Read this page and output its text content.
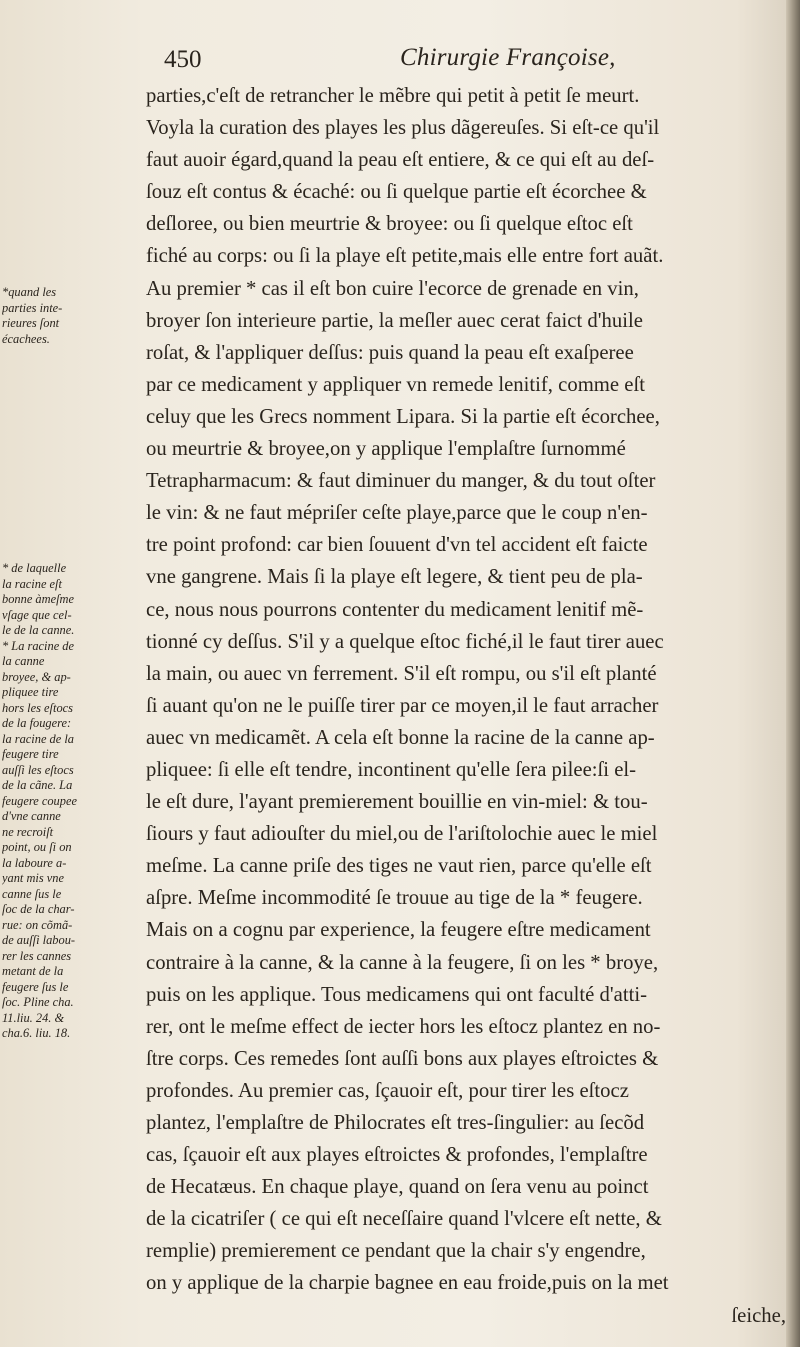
450	Chirurgie Françoise,
*quand les
parties inte-
rieures ſont
écachees.
* de laquelle
la racine eſt
bonne àmeſme
vſage que cel-
le de la canne.
* La racine de
la canne
broyee, & ap-
pliquee tire
hors les eſtocs
de la fougere:
la racine de la
feugere tire
auſſi les eſtocs
de la cãne. La
feugere coupee
d'vne canne
ne recroiſt
point, ou ſi on
la laboure a-
yant mis vne
canne ſus le
ſoc de la char-
rue: on cõmã-
de auſſi labou-
rer les cannes
metant de la
feugere ſus le
ſoc. Pline cha.
11.liu. 24. &
cha.6. liu. 18.
parties,c'eſt de retrancher le mẽbre qui petit à petit ſe meurt.
Voyla la curation des playes les plus dãgereuſes. Si eſt-ce qu'il
faut auoir égard,quand la peau eſt entiere, & ce qui eſt au deſ-
ſouz eſt contus & écaché: ou ſi quelque partie eſt écorchee &
deſloree, ou bien meurtrie & broyee: ou ſi quelque eſtoc eſt
fiché au corps: ou ſi la playe eſt petite,mais elle entre fort auãt.
Au premier * cas il eſt bon cuire l'ecorce de grenade en vin,
broyer ſon interieure partie, la meſler auec cerat faict d'huile
roſat, & l'appliquer deſſus: puis quand la peau eſt exaſperee
par ce medicament y appliquer vn remede lenitif, comme eſt
celuy que les Grecs nomment Lipara. Si la partie eſt écorchee,
ou meurtrie & broyee,on y applique l'emplaſtre ſurnommé
Tetrapharmacum: & faut diminuer du manger, & du tout oſter
le vin: & ne faut mépriſer ceſte playe,parce que le coup n'en-
tre point profond: car bien ſouuent d'vn tel accident eſt faicte
vne gangrene. Mais ſi la playe eſt legere, & tient peu de pla-
ce, nous nous pourrons contenter du medicament lenitif mẽ-
tionné cy deſſus. S'il y a quelque eſtoc fiché,il le faut tirer auec
la main, ou auec vn ferrement. S'il eſt rompu, ou s'il eſt planté
ſi auant qu'on ne le puiſſe tirer par ce moyen,il le faut arracher
auec vn medicamẽt. A cela eſt bonne la racine de la canne ap-
pliquee: ſi elle eſt tendre, incontinent qu'elle ſera pilee:ſi el-
le eſt dure, l'ayant premierement bouillie en vin-miel: & tou-
ſiours y faut adiouſter du miel,ou de l'ariſtolochie auec le miel
meſme. La canne priſe des tiges ne vaut rien, parce qu'elle eſt
aſpre. Meſme incommodité ſe trouue au tige de la * feugere.
Mais on a cognu par experience, la feugere eſtre medicament
contraire à la canne, & la canne à la feugere, ſi on les * broye,
puis on les applique. Tous medicamens qui ont faculté d'atti-
rer, ont le meſme effect de iecter hors les eſtocz plantez en no-
ſtre corps. Ces remedes ſont auſſi bons aux playes eſtroictes &
profondes. Au premier cas, ſçauoir eſt, pour tirer les eſtocz
plantez, l'emplaſtre de Philocrates eſt tres-ſingulier: au ſecõd
cas, ſçauoir eſt aux playes eſtroictes & profondes, l'emplaſtre
de Hecatæus. En chaque playe, quand on ſera venu au poinct
de la cicatriſer ( ce qui eſt neceſſaire quand l'vlcere eſt nette, &
remplie) premierement ce pendant que la chair s'y engendre,
on y applique de la charpie bagnee en eau froide,puis on la met
ſeiche,
